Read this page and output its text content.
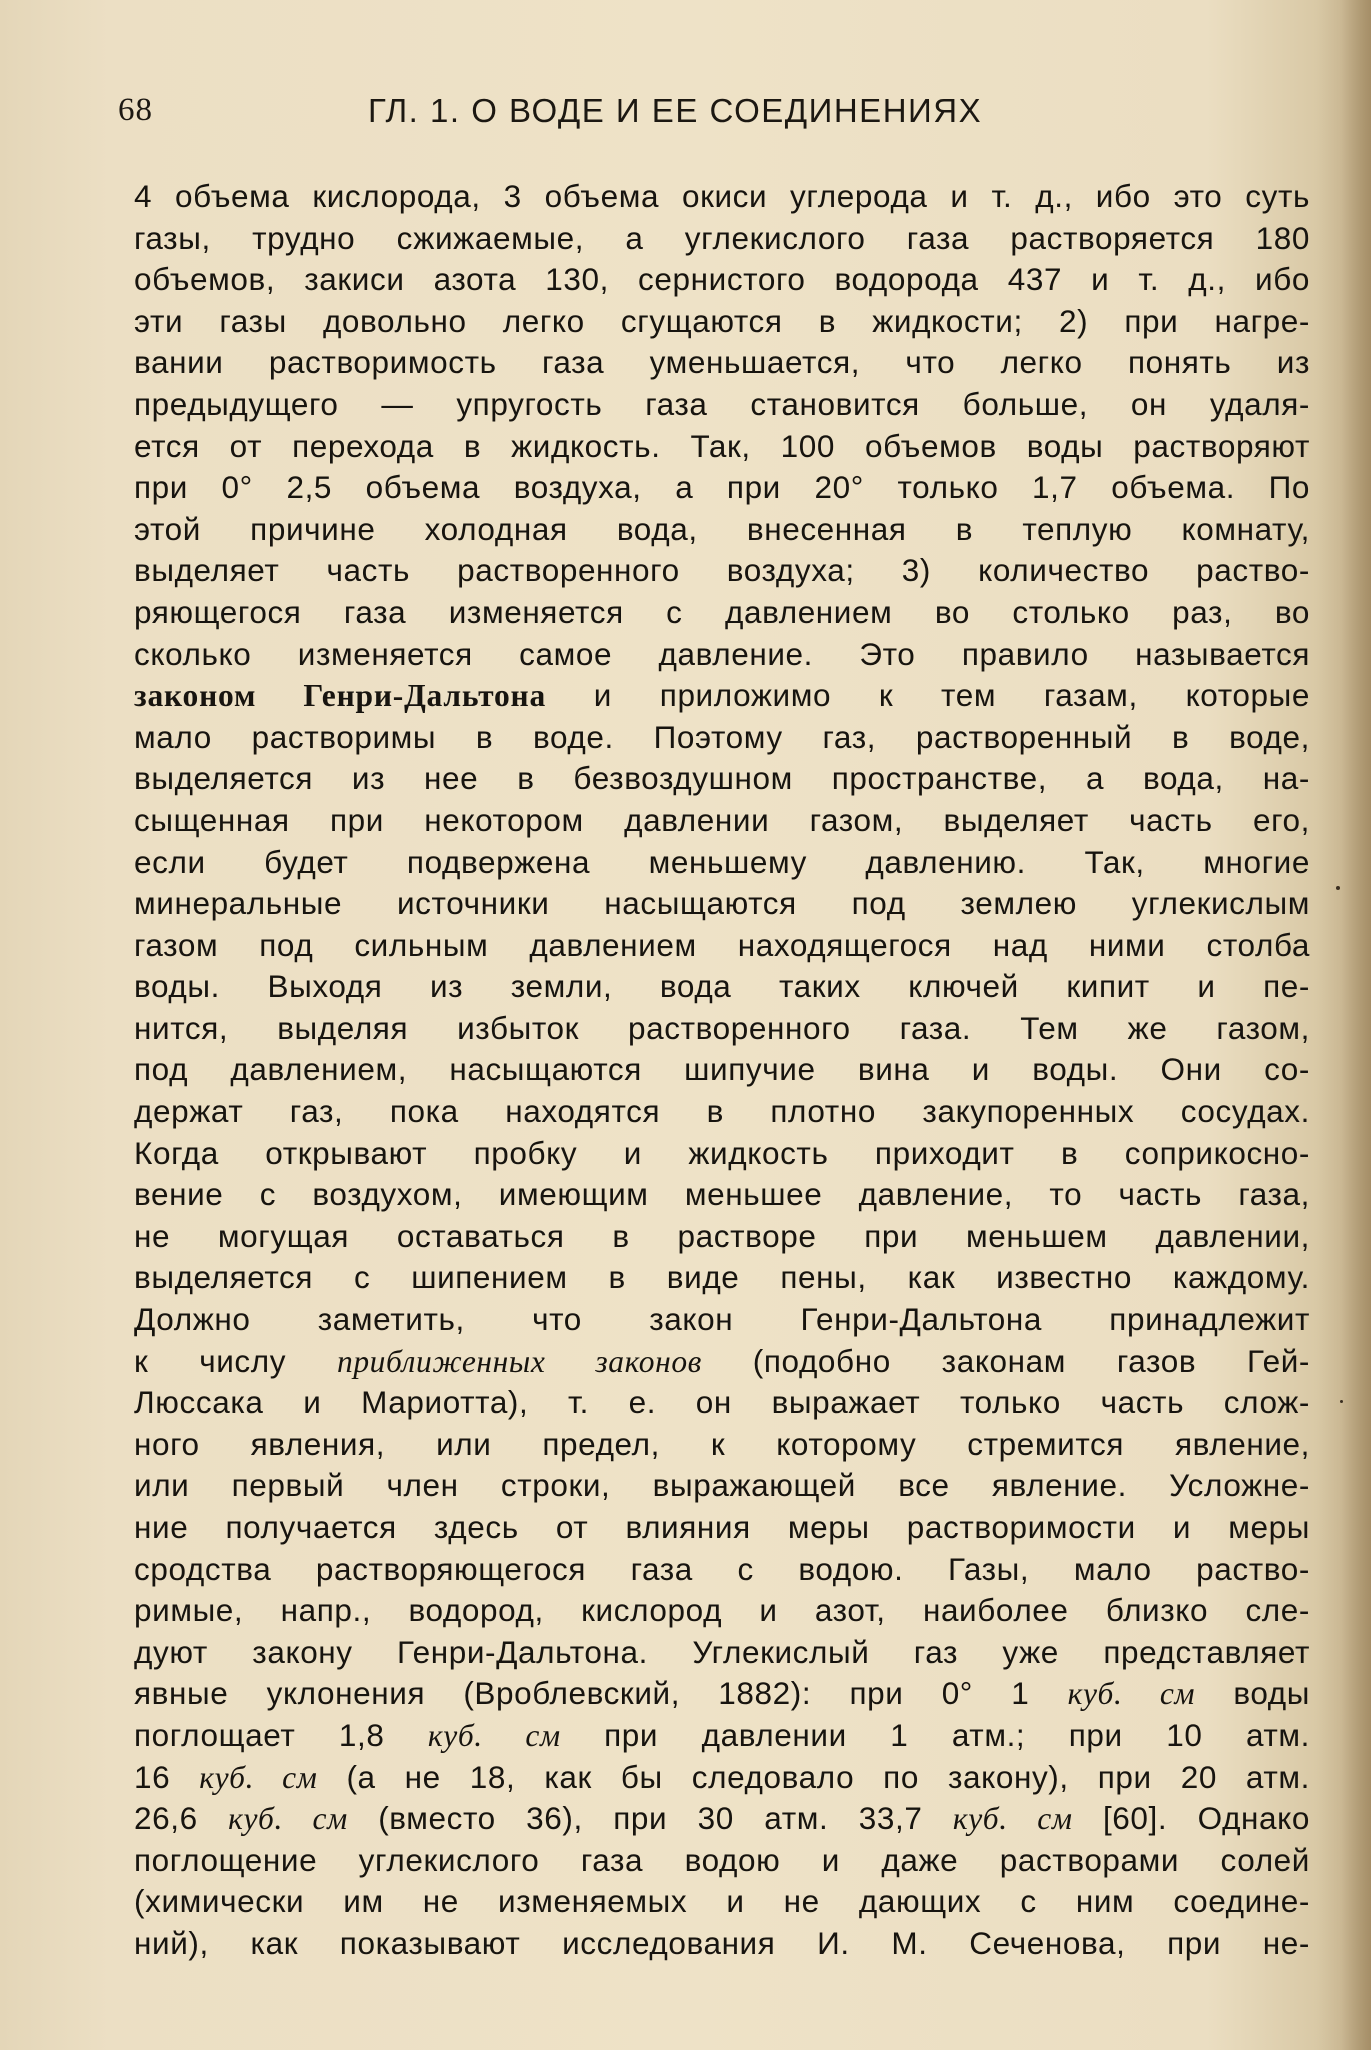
68	ГЛ. 1. О ВОДЕ И ЕЕ СОЕДИНЕНИЯХ
4 объема кислорода, 3 объема окиси углерода и т. д., ибо это суть
газы, трудно сжижаемые, а углекислого газа растворяется 180
объемов, закиси азота 130, сернистого водорода 437 и т. д., ибо
эти газы довольно легко сгущаются в жидкости; 2) при нагре-
вании растворимость газа уменьшается, что легко понять из
предыдущего — упругость газа становится больше, он удаля-
ется от перехода в жидкость. Так, 100 объемов воды растворяют
при 0° 2,5 объема воздуха, а при 20° только 1,7 объема. По
этой причине холодная вода, внесенная в теплую комнату,
выделяет часть растворенного воздуха; 3) количество раство-
ряющегося газа изменяется с давлением во столько раз, во
сколько изменяется самое давление. Это правило называется
законом Генри-Дальтона и приложимо к тем газам, которые
мало растворимы в воде. Поэтому газ, растворенный в воде,
выделяется из нее в безвоздушном пространстве, а вода, на-
сыщенная при некотором давлении газом, выделяет часть его,
если будет подвержена меньшему давлению. Так, многие
минеральные источники насыщаются под землею углекислым
газом под сильным давлением находящегося над ними столба
воды. Выходя из земли, вода таких ключей кипит и пе-
нится, выделяя избыток растворенного газа. Тем же газом,
под давлением, насыщаются шипучие вина и воды. Они со-
держат газ, пока находятся в плотно закупоренных сосудах.
Когда открывают пробку и жидкость приходит в соприкосно-
вение с воздухом, имеющим меньшее давление, то часть газа,
не могущая оставаться в растворе при меньшем давлении,
выделяется с шипением в виде пены, как известно каждому.
Должно заметить, что закон Генри-Дальтона принадлежит
к числу приближенных законов (подобно законам газов Гей-
Люссака и Мариотта), т. е. он выражает только часть слож-
ного явления, или предел, к которому стремится явление,
или первый член строки, выражающей все явление. Усложне-
ние получается здесь от влияния меры растворимости и меры
сродства растворяющегося газа с водою. Газы, мало раство-
римые, напр., водород, кислород и азот, наиболее близко сле-
дуют закону Генри-Дальтона. Углекислый газ уже представляет
явные уклонения (Вроблевский, 1882): при 0° 1 куб. см воды
поглощает 1,8 куб. см при давлении 1 атм.; при 10 атм.
16 куб. см (а не 18, как бы следовало по закону), при 20 атм.
26,6 куб. см (вместо 36), при 30 атм. 33,7 куб. см [60]. Однако
поглощение углекислого газа водою и даже растворами солей
(химически им не изменяемых и не дающих с ним соедине-
ний), как показывают исследования И. М. Сеченова, при не-
